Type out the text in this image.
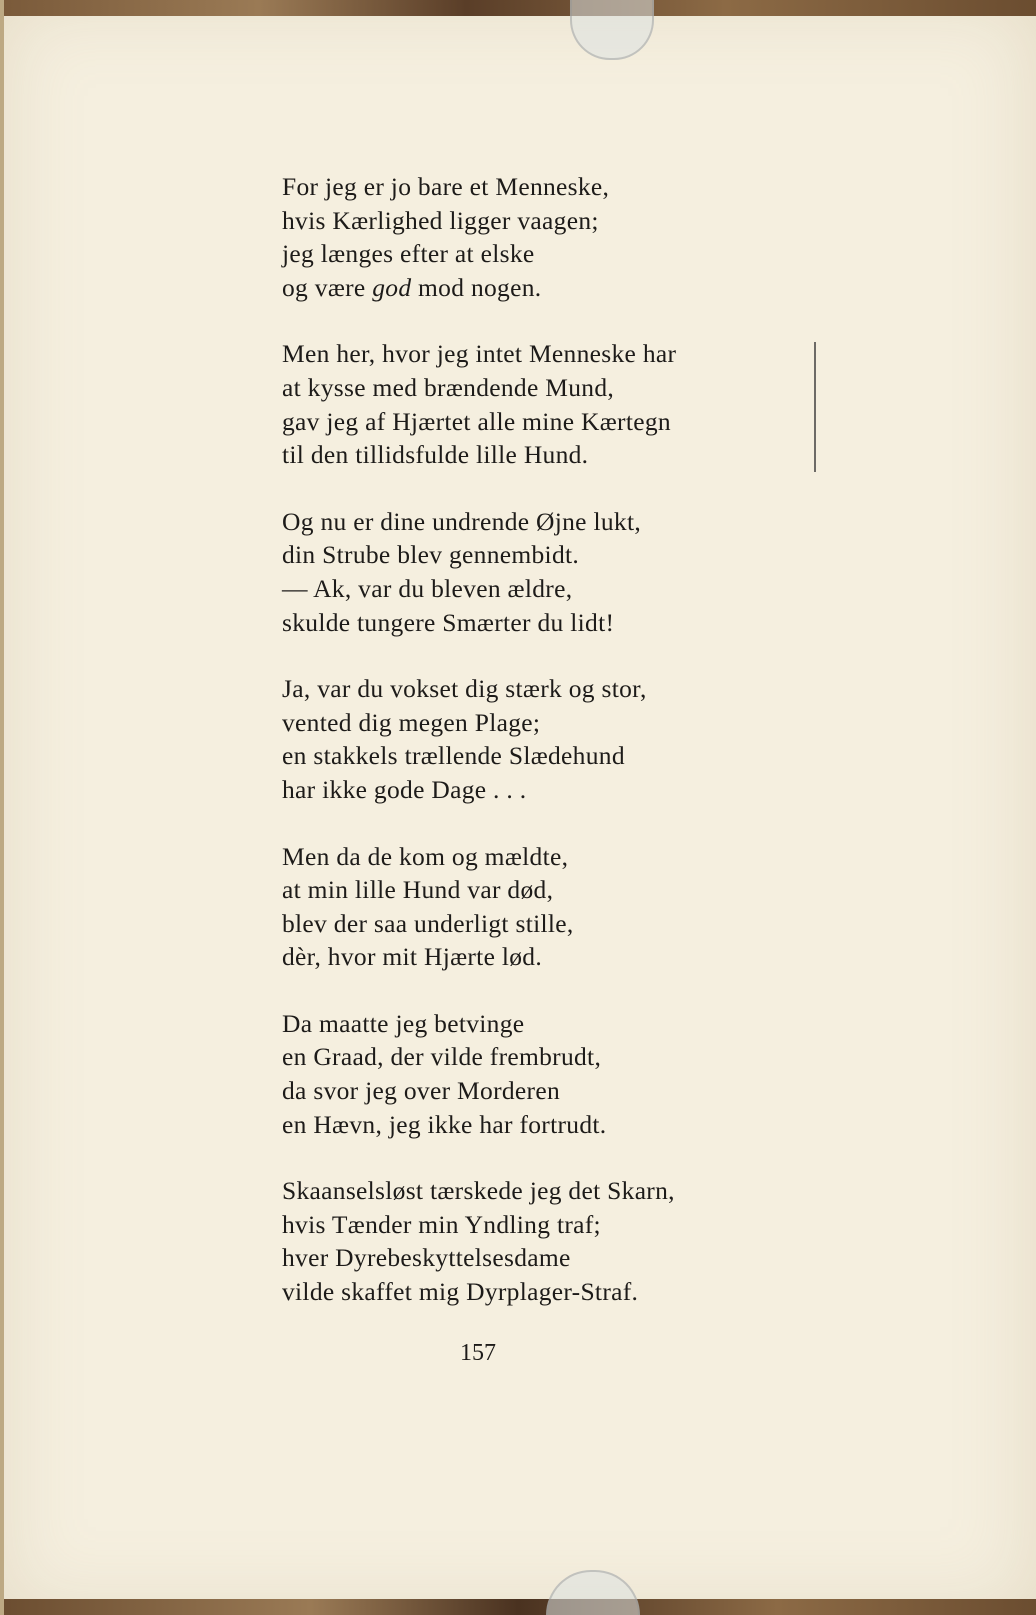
For jeg er jo bare et Menneske,
hvis Kærlighed ligger vaagen;
jeg længes efter at elske
og være god mod nogen.
Men her, hvor jeg intet Menneske har
at kysse med brændende Mund,
gav jeg af Hjærtet alle mine Kærtegn
til den tillidsfulde lille Hund.
Og nu er dine undrende Øjne lukt,
din Strube blev gennembidt.
— Ak, var du bleven ældre,
skulde tungere Smærter du lidt!
Ja, var du vokset dig stærk og stor,
vented dig megen Plage;
en stakkels trællende Slædehund
har ikke gode Dage . . .
Men da de kom og mældte,
at min lille Hund var død,
blev der saa underligt stille,
dèr, hvor mit Hjærte lød.
Da maatte jeg betvinge
en Graad, der vilde frembrudt,
da svor jeg over Morderen
en Hævn, jeg ikke har fortrudt.
Skaanselsløst tærskede jeg det Skarn,
hvis Tænder min Yndling traf;
hver Dyrebeskyttelsesdame
vilde skaffet mig Dyrplager-Straf.
157
